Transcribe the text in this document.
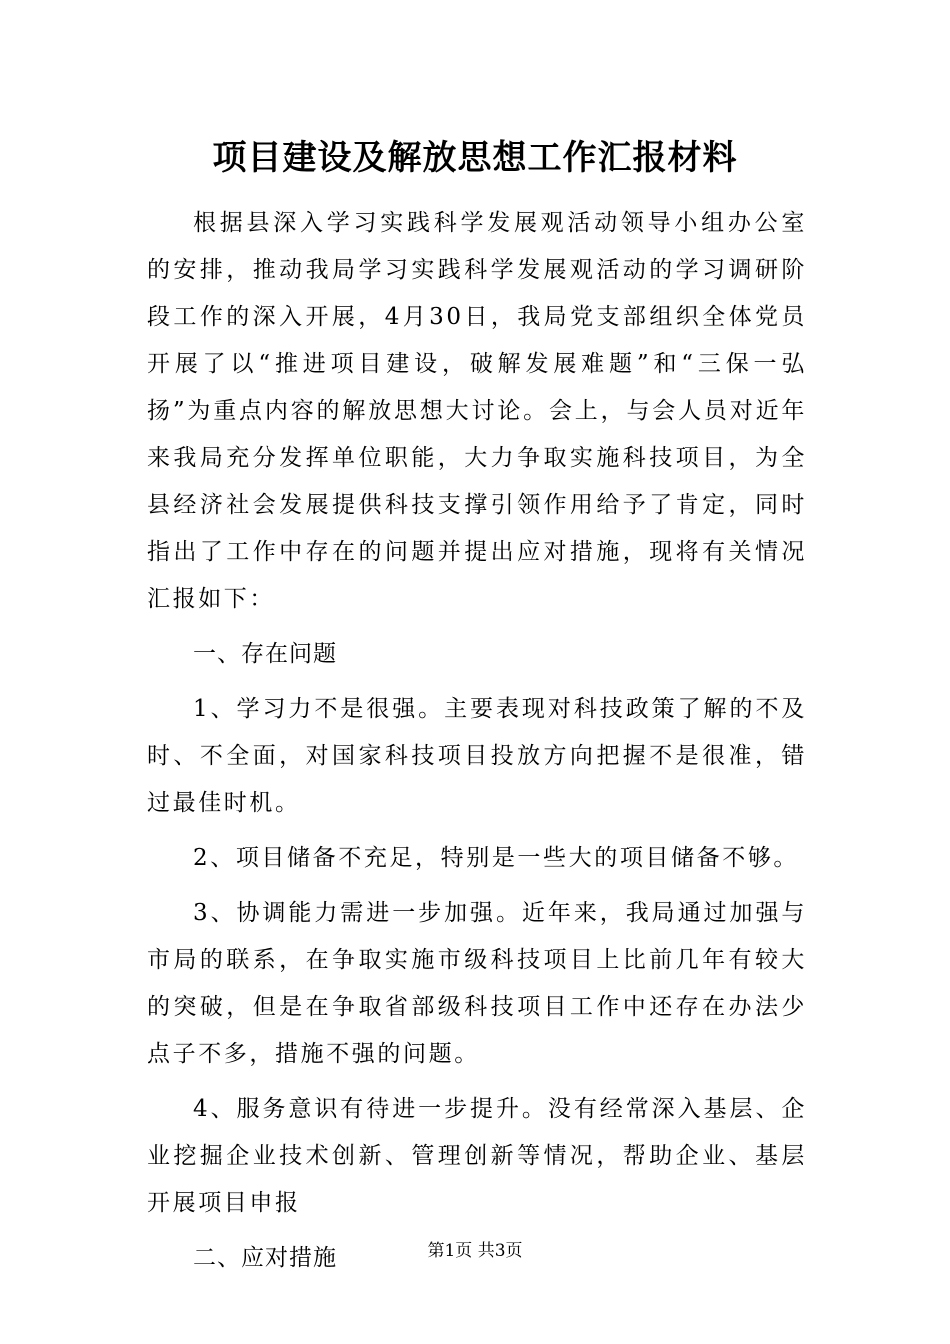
项目建设及解放思想工作汇报材料

根据县深入学习实践科学发展观活动领导小组办公室的安排，推动我局学习实践科学发展观活动的学习调研阶段工作的深入开展，4月30日，我局党支部组织全体党员开展了以“推进项目建设，破解发展难题”和“三保一弘扬”为重点内容的解放思想大讨论。会上，与会人员对近年来我局充分发挥单位职能，大力争取实施科技项目，为全县经济社会发展提供科技支撑引领作用给予了肯定，同时指出了工作中存在的问题并提出应对措施，现将有关情况汇报如下：

一、存在问题

1、学习力不是很强。主要表现对科技政策了解的不及时、不全面，对国家科技项目投放方向把握不是很准，错过最佳时机。

2、项目储备不充足，特别是一些大的项目储备不够。

3、协调能力需进一步加强。近年来，我局通过加强与市局的联系，在争取实施市级科技项目上比前几年有较大的突破，但是在争取省部级科技项目工作中还存在办法少点子不多，措施不强的问题。

4、服务意识有待进一步提升。没有经常深入基层、企业挖掘企业技术创新、管理创新等情况，帮助企业、基层开展项目申报

二、应对措施	第1页 共3页
